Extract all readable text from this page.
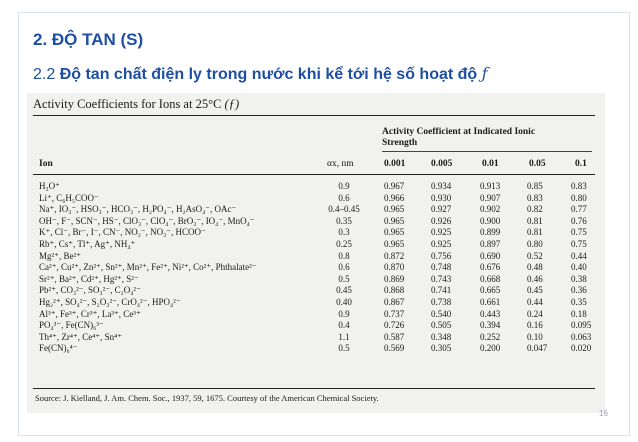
2. ĐỘ TAN (S)
2.2 Độ tan chất điện ly trong nước khi kể tới hệ số hoạt độ ƒ
Activity Coefficients for Ions at 25°C (ƒ)
Activity Coefficient at Indicated Ionic Strength
Ion	αx, nm	0.001	0.005	0.01	0.05	0.1
H₃O⁺	0.9	0.967	0.934	0.913	0.85	0.83
Li⁺, C₆H₅COO⁻	0.6	0.966	0.930	0.907	0.83	0.80
Na⁺, IO₃⁻, HSO₃⁻, HCO₃⁻, H₂PO₄⁻, H₂AsO₄⁻, OAc⁻	0.4–0.45	0.965	0.927	0.902	0.82	0.77
OH⁻, F⁻, SCN⁻, HS⁻, ClO₃⁻, ClO₄⁻, BrO₃⁻, IO₄⁻, MnO₄⁻	0.35	0.965	0.926	0.900	0.81	0.76
K⁺, Cl⁻, Br⁻, I⁻, CN⁻, NO₂⁻, NO₃⁻, HCOO⁻	0.3	0.965	0.925	0.899	0.81	0.75
Rb⁺, Cs⁺, Tl⁺, Ag⁺, NH₄⁺	0.25	0.965	0.925	0.897	0.80	0.75
Mg²⁺, Be²⁺	0.8	0.872	0.756	0.690	0.52	0.44
Ca²⁺, Cu²⁺, Zn²⁺, Sn²⁺, Mn²⁺, Fe²⁺, Ni²⁺, Co²⁺, Phthalate²⁻	0.6	0.870	0.748	0.676	0.48	0.40
Sr²⁺, Ba²⁺, Cd²⁺, Hg²⁺, S²⁻	0.5	0.869	0.743	0.668	0.46	0.38
Pb²⁺, CO₃²⁻, SO₃²⁻, C₂O₄²⁻	0.45	0.868	0.741	0.665	0.45	0.36
Hg₂²⁺, SO₄²⁻, S₂O₃²⁻, CrO₄²⁻, HPO₄²⁻	0.40	0.867	0.738	0.661	0.44	0.35
Al³⁺, Fe³⁺, Cr³⁺, La³⁺, Ce³⁺	0.9	0.737	0.540	0.443	0.24	0.18
PO₄³⁻, Fe(CN)₆³⁻	0.4	0.726	0.505	0.394	0.16	0.095
Th⁴⁺, Zr⁴⁺, Ce⁴⁺, Sn⁴⁺	1.1	0.587	0.348	0.252	0.10	0.063
Fe(CN)₆⁴⁻	0.5	0.569	0.305	0.200	0.047	0.020
Source: J. Kielland, J. Am. Chem. Soc., 1937, 59, 1675. Courtesy of the American Chemical Society.
16
